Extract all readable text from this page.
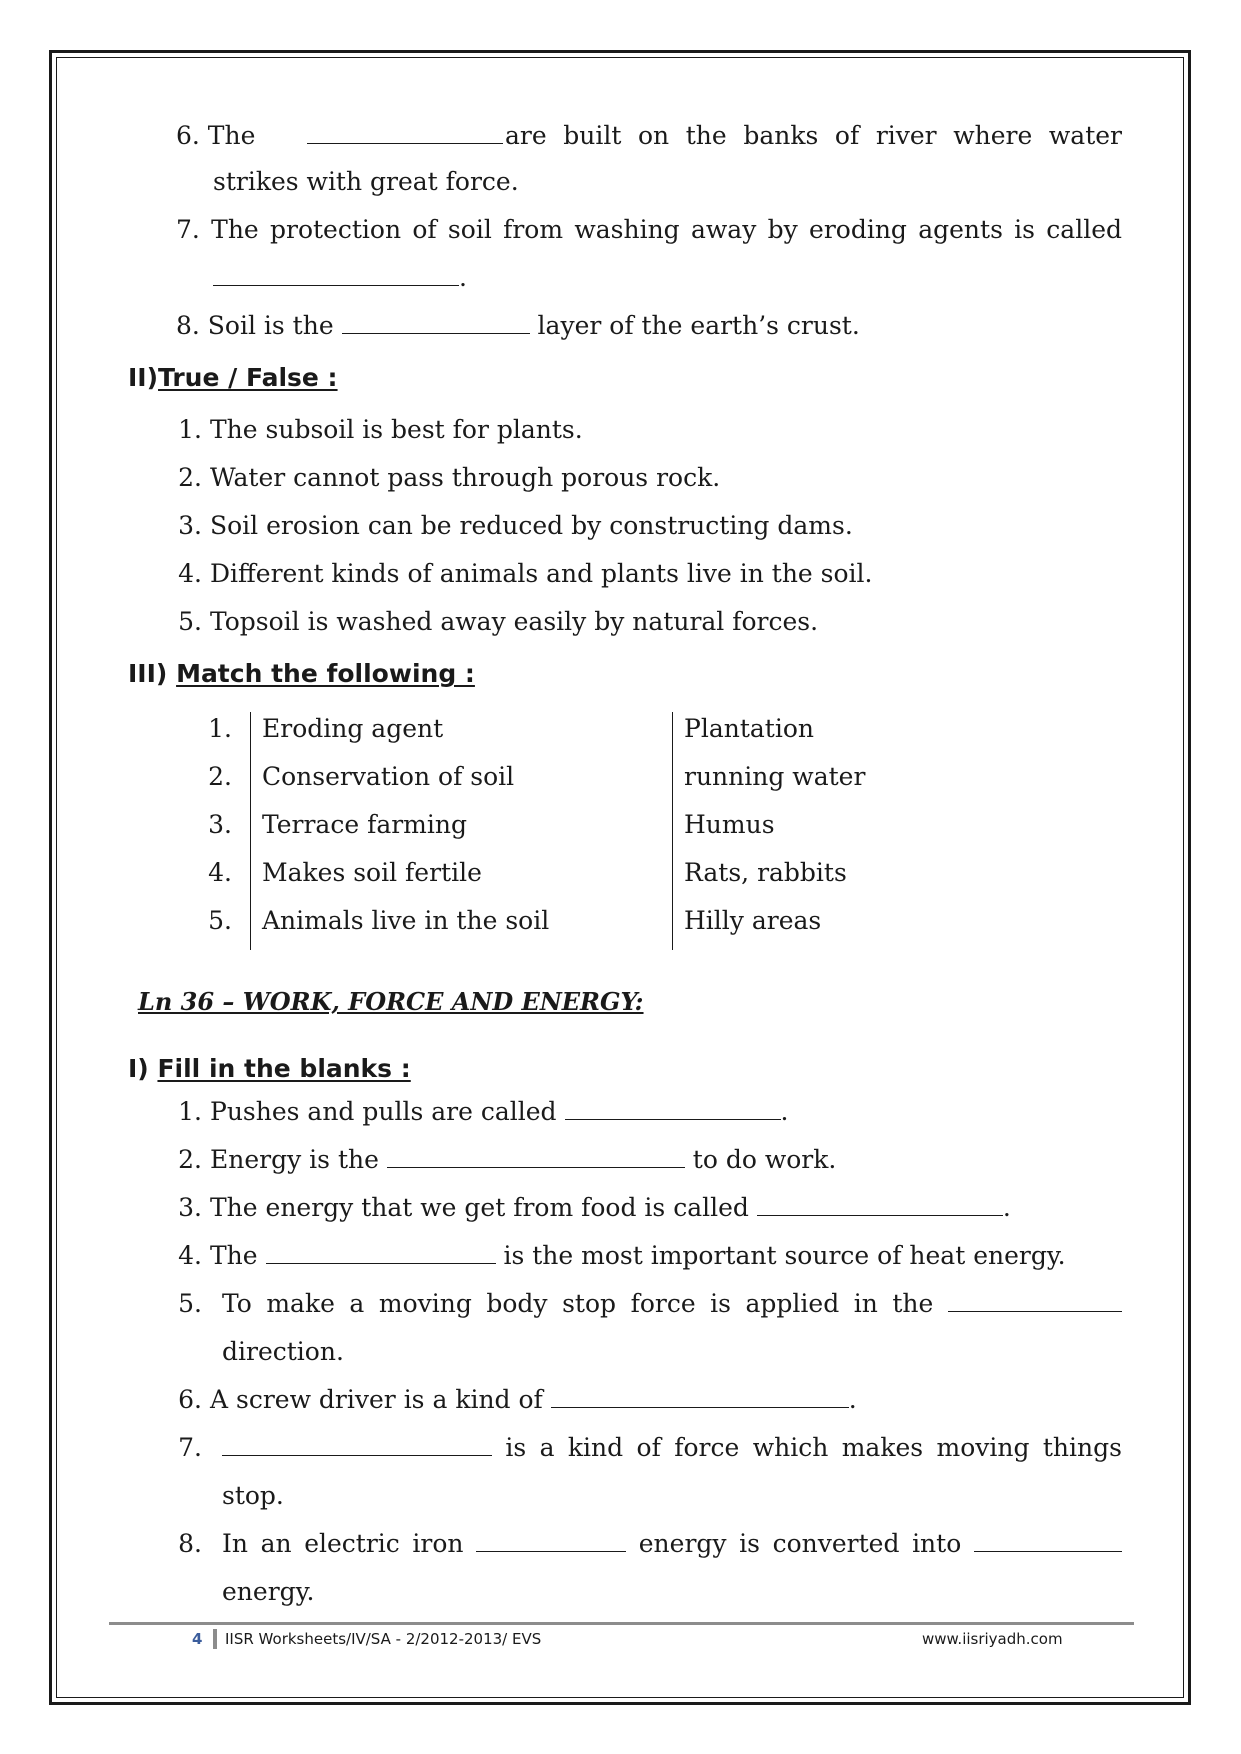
6. The	are built on the banks of river where water
strikes with great force.
7. The protection of soil from washing away by eroding agents is called
.
8. Soil is the	layer of the earth’s crust.
II)True / False :
1. The subsoil is best for plants.
2. Water cannot pass through porous rock.
3. Soil erosion can be reduced by constructing dams.
4. Different kinds of animals and plants live in the soil.
5. Topsoil is washed away easily by natural forces.
III) Match the following :
1. Eroding agent	Plantation
2. Conservation of soil	running water
3. Terrace farming	Humus
4. Makes soil fertile	Rats, rabbits
5. Animals live in the soil	Hilly areas
Ln 36 – WORK, FORCE AND ENERGY:
I) Fill in the blanks :
1. Pushes and pulls are called	.
2. Energy is the	to do work.
3. The energy that we get from food is called	.
4. The	is the most important source of heat energy.
5. To make a moving body stop force is applied in the
direction.
6. A screw driver is a kind of	.
7.	is a kind of force which makes moving things
stop.
8. In an electric iron	energy is converted into
energy.
4 IISR Worksheets/IV/SA - 2/2012-2013/ EVS	www.iisriyadh.com
